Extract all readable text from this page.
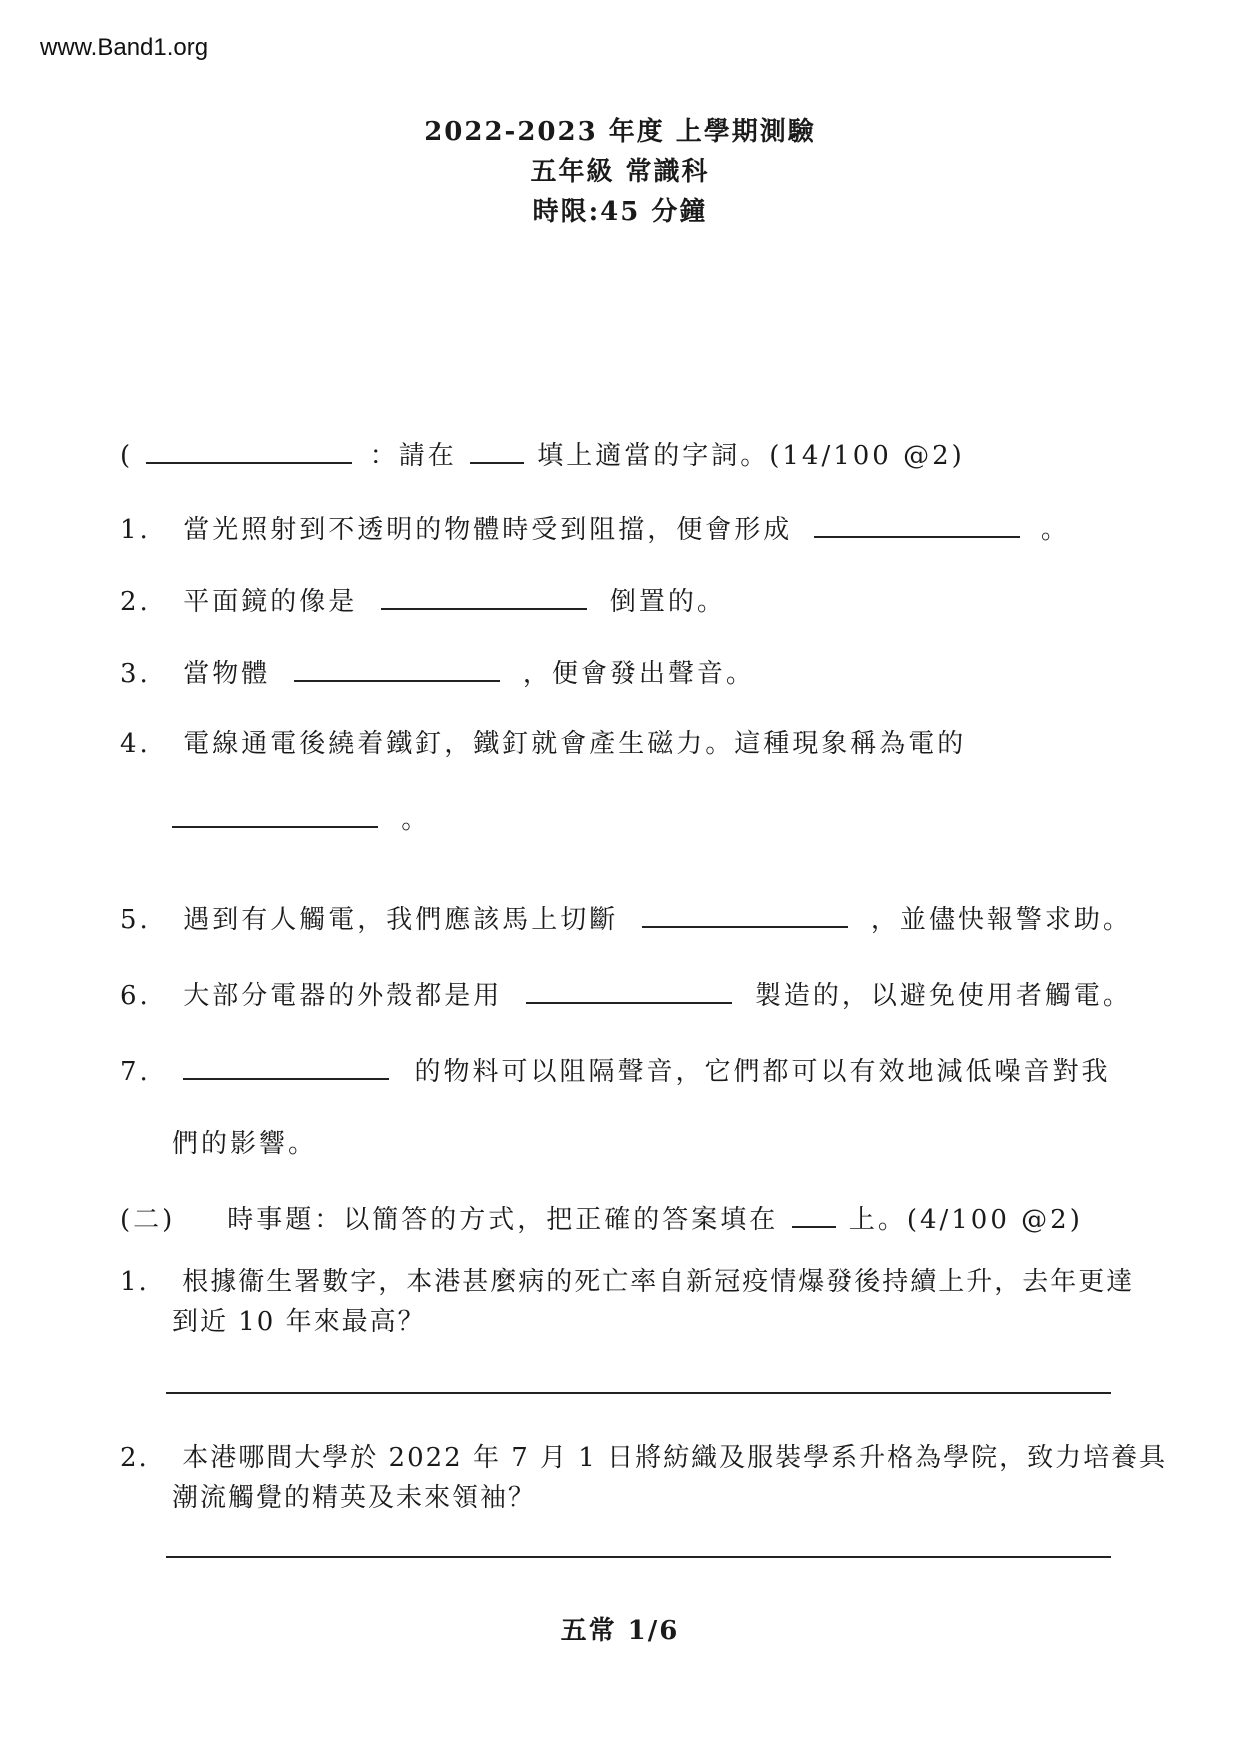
www.Band1.org
2022-2023 年度 上學期測驗
五年級 常識科
時限:45 分鐘
(	：請在	填上適當的字詞。(14/100 @2)
1. 當光照射到不透明的物體時受到阻擋，便會形成	。
2. 平面鏡的像是	倒置的。
3. 當物體	，便會發出聲音。
4. 電線通電後繞着鐵釘，鐵釘就會產生磁力。這種現象稱為電的
。
5. 遇到有人觸電，我們應該馬上切斷	，並儘快報警求助。
6. 大部分電器的外殼都是用	製造的，以避免使用者觸電。
7.	的物料可以阻隔聲音，它們都可以有效地減低噪音對我
們的影響。
(二) 時事題：以簡答的方式，把正確的答案填在	上。(4/100 @2)
1. 根據衞生署數字，本港甚麼病的死亡率自新冠疫情爆發後持續上升，去年更達
到近 10 年來最高？
2. 本港哪間大學於 2022 年 7 月 1 日將紡織及服裝學系升格為學院，致力培養具
潮流觸覺的精英及未來領袖？
五常 1/6
